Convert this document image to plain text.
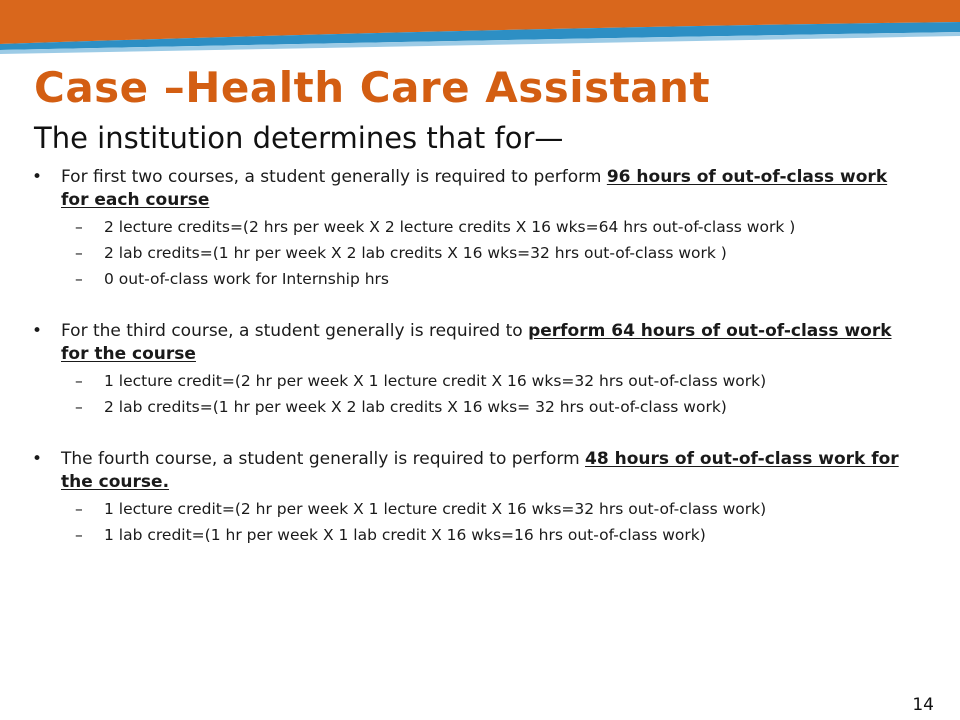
Case –Health Care Assistant
The institution determines that for—
• For first two courses, a student generally is required to perform 96 hours of out-of-class work for each course
– 2 lecture credits=(2 hrs per week X 2 lecture credits X 16 wks=64 hrs out-of-class work )
– 2 lab credits=(1 hr per week X 2 lab credits X 16 wks=32 hrs out-of-class work )
– 0 out-of-class work for Internship hrs
• For the third course, a student generally is required to perform 64 hours of out-of-class work for the course
– 1 lecture credit=(2 hr per week X 1 lecture credit X 16 wks=32 hrs out-of-class work)
– 2 lab credits=(1 hr per week X 2 lab credits X 16 wks= 32 hrs out-of-class work)
• The fourth course, a student generally is required to perform 48 hours of out-of-class work for the course.
– 1 lecture credit=(2 hr per week X 1 lecture credit X 16 wks=32 hrs out-of-class work)
– 1 lab credit=(1 hr per week X 1 lab credit X 16 wks=16 hrs out-of-class work)
14
